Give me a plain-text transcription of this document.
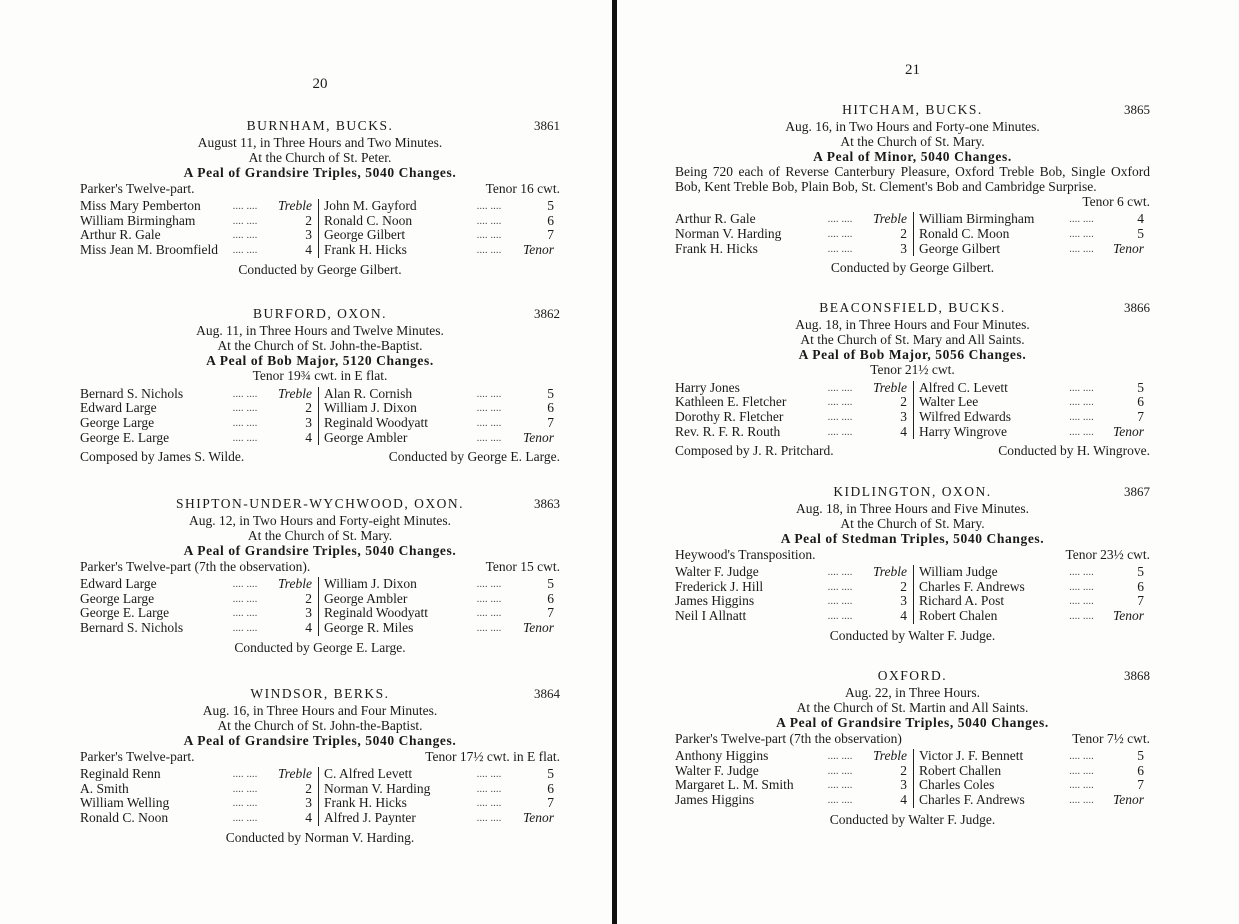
20
BURNHAM, BUCKS.	3861
August 11, in Three Hours and Two Minutes.
At the Church of St. Peter.
A Peal of Grandsire Triples, 5040 Changes.
Parker's Twelve-part.	Tenor 16 cwt.
Miss Mary Pemberton	.... ....	Treble
William Birmingham	.... ....	2
Arthur R. Gale	.... ....	3
Miss Jean M. Broomfield	.... ....	4
John M. Gayford	.... ....	5
Ronald C. Noon	.... ....	6
George Gilbert	.... ....	7
Frank H. Hicks	.... ....	Tenor
Conducted by George Gilbert.
BURFORD, OXON.	3862
Aug. 11, in Three Hours and Twelve Minutes.
At the Church of St. John-the-Baptist.
A Peal of Bob Major, 5120 Changes.
Tenor 19¾ cwt. in E flat.
Bernard S. Nichols	.... ....	Treble
Edward Large	.... ....	2
George Large	.... ....	3
George E. Large	.... ....	4
Alan R. Cornish	.... ....	5
William J. Dixon	.... ....	6
Reginald Woodyatt	.... ....	7
George Ambler	.... ....	Tenor
Composed by James S. Wilde.	Conducted by George E. Large.
SHIPTON-UNDER-WYCHWOOD, OXON.	3863
Aug. 12, in Two Hours and Forty-eight Minutes.
At the Church of St. Mary.
A Peal of Grandsire Triples, 5040 Changes.
Parker's Twelve-part (7th the observation).	Tenor 15 cwt.
Edward Large	.... ....	Treble
George Large	.... ....	2
George E. Large	.... ....	3
Bernard S. Nichols	.... ....	4
William J. Dixon	.... ....	5
George Ambler	.... ....	6
Reginald Woodyatt	.... ....	7
George R. Miles	.... ....	Tenor
Conducted by George E. Large.
WINDSOR, BERKS.	3864
Aug. 16, in Three Hours and Four Minutes.
At the Church of St. John-the-Baptist.
A Peal of Grandsire Triples, 5040 Changes.
Parker's Twelve-part.	Tenor 17½ cwt. in E flat.
Reginald Renn	.... ....	Treble
A. Smith	.... ....	2
William Welling	.... ....	3
Ronald C. Noon	.... ....	4
C. Alfred Levett	.... ....	5
Norman V. Harding	.... ....	6
Frank H. Hicks	.... ....	7
Alfred J. Paynter	.... ....	Tenor
Conducted by Norman V. Harding.
21
HITCHAM, BUCKS.	3865
Aug. 16, in Two Hours and Forty-one Minutes.
At the Church of St. Mary.
A Peal of Minor, 5040 Changes.
Being 720 each of Reverse Canterbury Pleasure, Oxford Treble Bob, Single Oxford Bob, Kent Treble Bob, Plain Bob, St. Clement's Bob and Cambridge Surprise.
Tenor 6 cwt.
Arthur R. Gale	.... ....	Treble
Norman V. Harding	.... ....	2
Frank H. Hicks	.... ....	3
William Birmingham	.... ....	4
Ronald C. Moon	.... ....	5
George Gilbert	.... ....	Tenor
Conducted by George Gilbert.
BEACONSFIELD, BUCKS.	3866
Aug. 18, in Three Hours and Four Minutes.
At the Church of St. Mary and All Saints.
A Peal of Bob Major, 5056 Changes.
Tenor 21½ cwt.
Harry Jones	.... ....	Treble
Kathleen E. Fletcher	.... ....	2
Dorothy R. Fletcher	.... ....	3
Rev. R. F. R. Routh	.... ....	4
Alfred C. Levett	.... ....	5
Walter Lee	.... ....	6
Wilfred Edwards	.... ....	7
Harry Wingrove	.... ....	Tenor
Composed by J. R. Pritchard.	Conducted by H. Wingrove.
KIDLINGTON, OXON.	3867
Aug. 18, in Three Hours and Five Minutes.
At the Church of St. Mary.
A Peal of Stedman Triples, 5040 Changes.
Heywood's Transposition.	Tenor 23½ cwt.
Walter F. Judge	.... ....	Treble
Frederick J. Hill	.... ....	2
James Higgins	.... ....	3
Neil I Allnatt	.... ....	4
William Judge	.... ....	5
Charles F. Andrews	.... ....	6
Richard A. Post	.... ....	7
Robert Chalen	.... ....	Tenor
Conducted by Walter F. Judge.
OXFORD.	3868
Aug. 22, in Three Hours.
At the Church of St. Martin and All Saints.
A Peal of Grandsire Triples, 5040 Changes.
Parker's Twelve-part (7th the observation)	Tenor 7½ cwt.
Anthony Higgins	.... ....	Treble
Walter F. Judge	.... ....	2
Margaret L. M. Smith	.... ....	3
James Higgins	.... ....	4
Victor J. F. Bennett	.... ....	5
Robert Challen	.... ....	6
Charles Coles	.... ....	7
Charles F. Andrews	.... ....	Tenor
Conducted by Walter F. Judge.
